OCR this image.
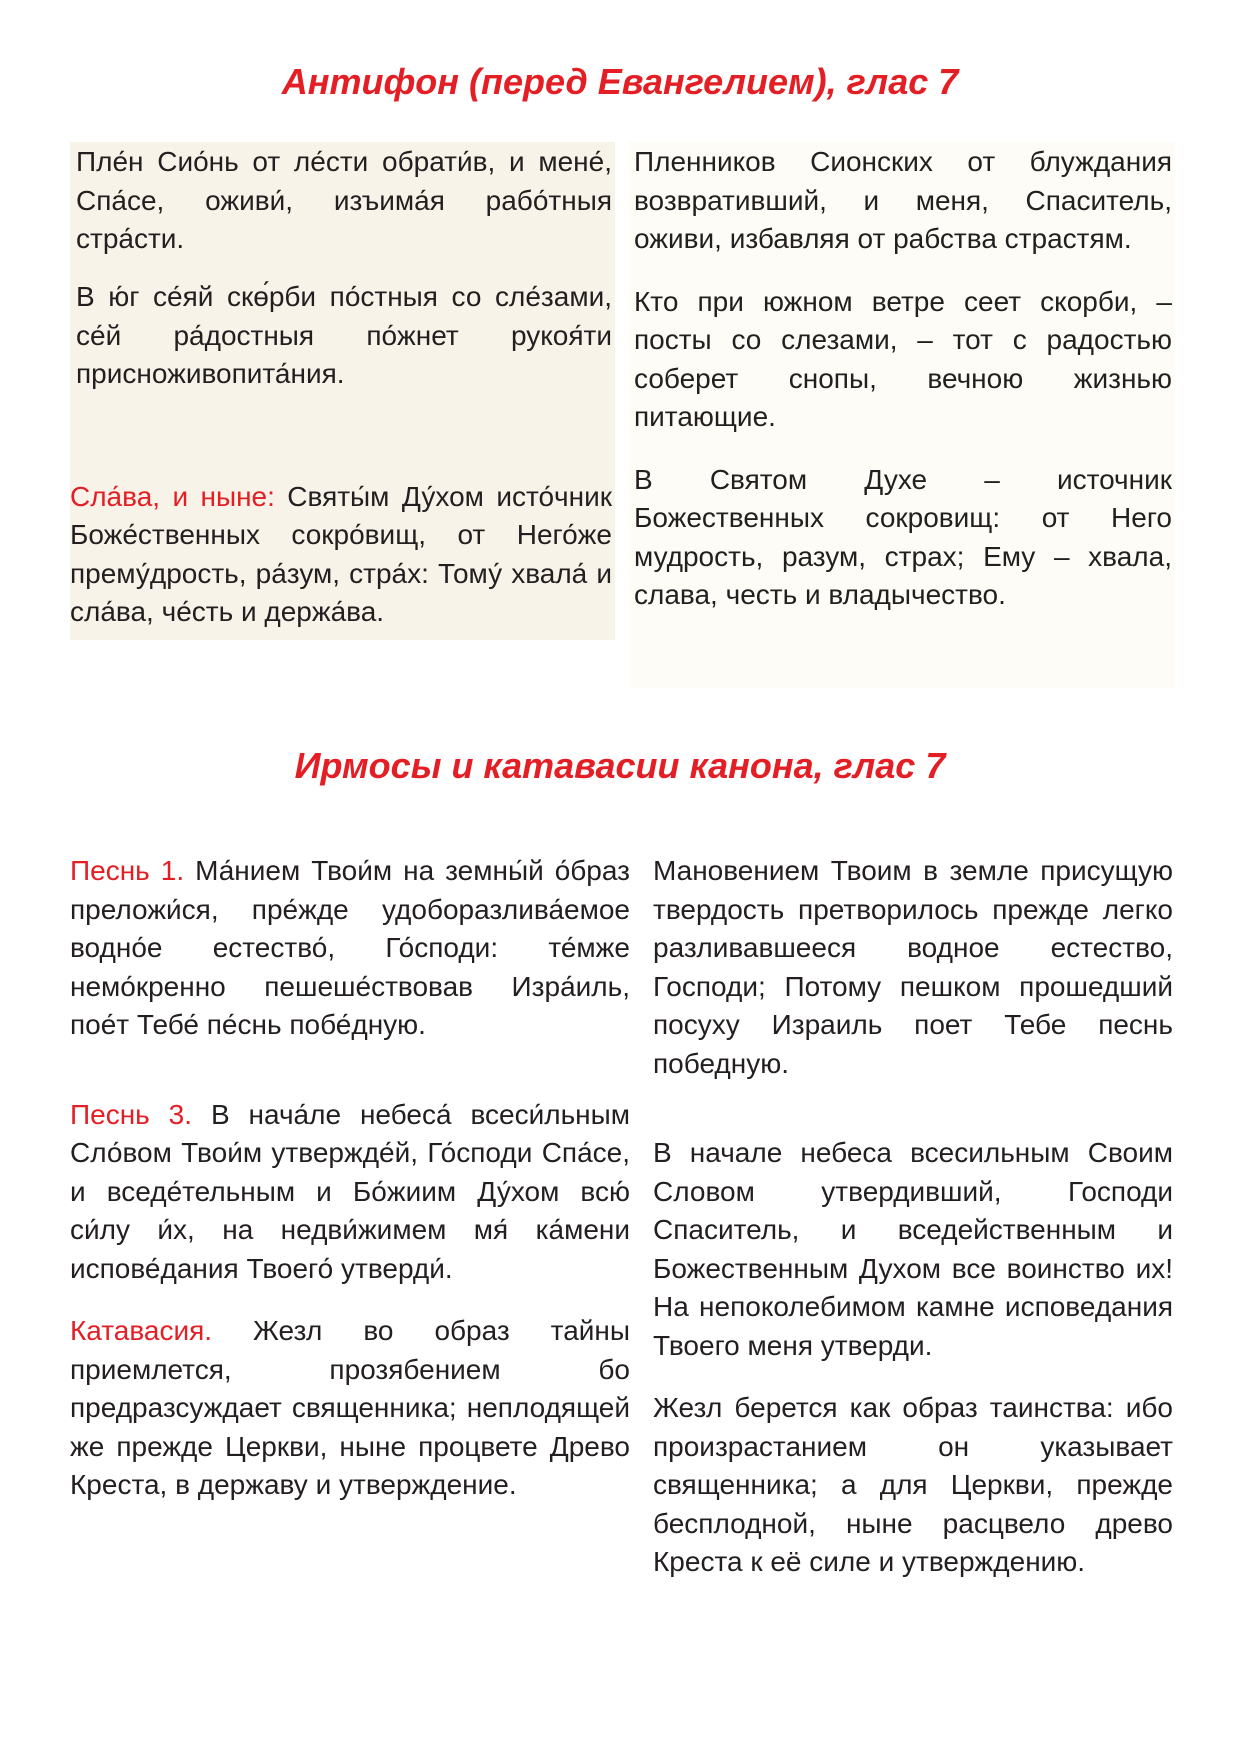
Антифон (перед Евангелием), глас 7

Пле́н Сио́нь от ле́сти обрати́в, и мене́, Спа́се, оживи́, изъима́я рабо́тныя стра́сти.

В ю́г се́яй скө́рби по́стныя со сле́зами, се́й ра́достныя по́жнет рукоя́ти присноживопита́ния.

Сла́ва, и ныне: Святы́м Ду́хом исто́чник Боже́ственных сокро́вищ, от Него́же прему́дрость, ра́зум, стра́х: Тому́ хвала́ и сла́ва, че́сть и держа́ва.

Пленников Сионских от блуждания возвративший, и меня, Спаситель, оживи, избавляя от рабства страстям.

Кто при южном ветре сеет скорби, – посты со слезами, – тот с радостью соберет снопы, вечною жизнью питающие.

В Святом Духе – источник Божественных сокровищ: от Него мудрость, разум, страх; Ему – хвала, слава, честь и владычество.

Ирмосы и катавасии канона, глас 7

Песнь 1. Ма́нием Твои́м на земны́й о́браз преложи́ся, пре́жде удоборазлива́емое водно́е естество́, Го́споди: те́мже немо́кренно пешеше́ствовав Изра́иль, пое́т Тебе́ пе́снь побе́дную.

Песнь 3. В нача́ле небеса́ всеси́льным Сло́вом Твои́м утвержде́й, Го́споди Спа́се, и вседе́тельным и Бо́жиим Ду́хом всю́ си́лу и́х, на недви́жимем мя́ ка́мени испове́дания Твоего́ утверди́.

Катавасия. Жезл во образ тайны приемлется, прозябением бо предразсуждает священника; неплодящей же прежде Церкви, ныне процвете Древо Креста, в державу и утверждение.

Мановением Твоим в земле присущую твердость претворилось прежде легко разливавшееся водное естество, Господи; Потому пешком прошедший посуху Израиль поет Тебе песнь победную.

В начале небеса всесильным Своим Словом утвердивший, Господи Спаситель, и вседейственным и Божественным Духом все воинство их! На непоколебимом камне исповедания Твоего меня утверди.

Жезл берется как образ таинства: ибо произрастанием он указывает священника; а для Церкви, прежде бесплодной, ныне расцвело древо Креста к её силе и утверждению.
